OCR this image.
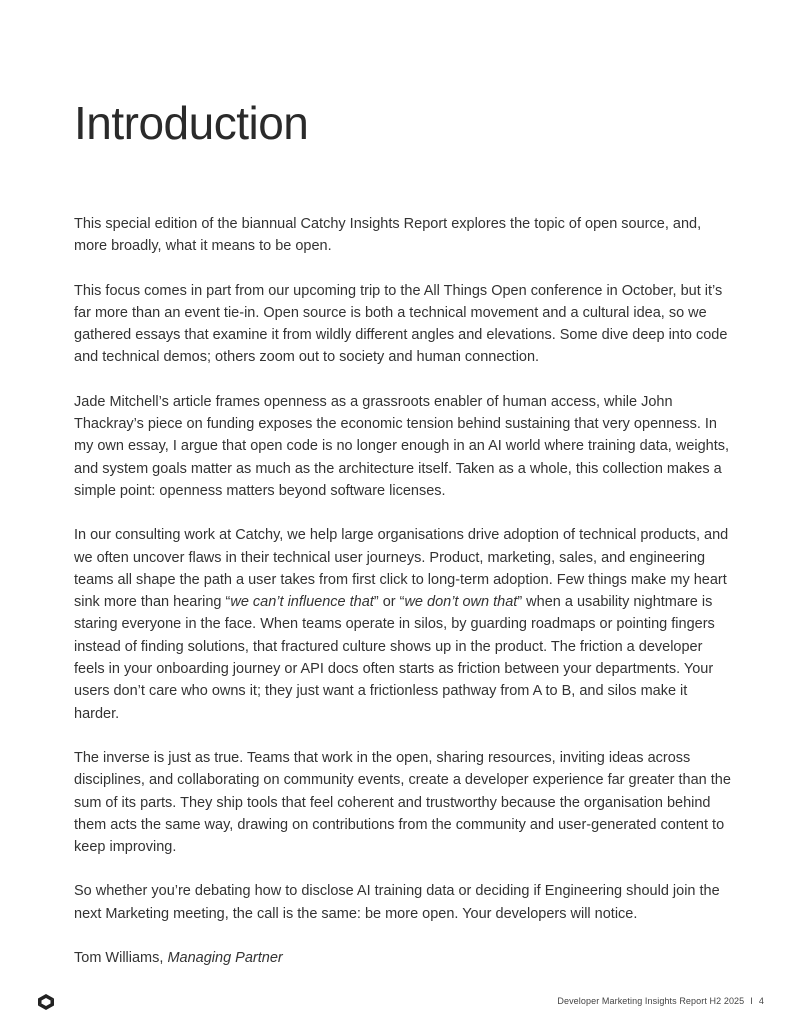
Introduction

This special edition of the biannual Catchy Insights Report explores the topic of open source, and, more broadly, what it means to be open.

This focus comes in part from our upcoming trip to the All Things Open conference in October, but it’s far more than an event tie-in. Open source is both a technical movement and a cultural idea, so we gathered essays that examine it from wildly different angles and elevations. Some dive deep into code and technical demos; others zoom out to society and human connection.

Jade Mitchell’s article frames openness as a grassroots enabler of human access, while John Thackray’s piece on funding exposes the economic tension behind sustaining that very openness. In my own essay, I argue that open code is no longer enough in an AI world where training data, weights, and system goals matter as much as the architecture itself. Taken as a whole, this collection makes a simple point: openness matters beyond software licenses.

In our consulting work at Catchy, we help large organisations drive adoption of technical products, and we often uncover flaws in their technical user journeys. Product, marketing, sales, and engineering teams all shape the path a user takes from first click to long-term adoption. Few things make my heart sink more than hearing “we can’t influence that” or “we don’t own that” when a usability nightmare is staring everyone in the face. When teams operate in silos, by guarding roadmaps or pointing fingers instead of finding solutions, that fractured culture shows up in the product. The friction a developer feels in your onboarding journey or API docs often starts as friction between your departments. Your users don’t care who owns it; they just want a frictionless pathway from A to B, and silos make it harder.

The inverse is just as true. Teams that work in the open, sharing resources, inviting ideas across disciplines, and collaborating on community events, create a developer experience far greater than the sum of its parts. They ship tools that feel coherent and trustworthy because the organisation behind them acts the same way, drawing on contributions from the community and user-generated content to keep improving.

So whether you’re debating how to disclose AI training data or deciding if Engineering should join the next Marketing meeting, the call is the same: be more open. Your developers will notice.

Tom Williams, Managing Partner

Developer Marketing Insights Report H2 2025 I 4
